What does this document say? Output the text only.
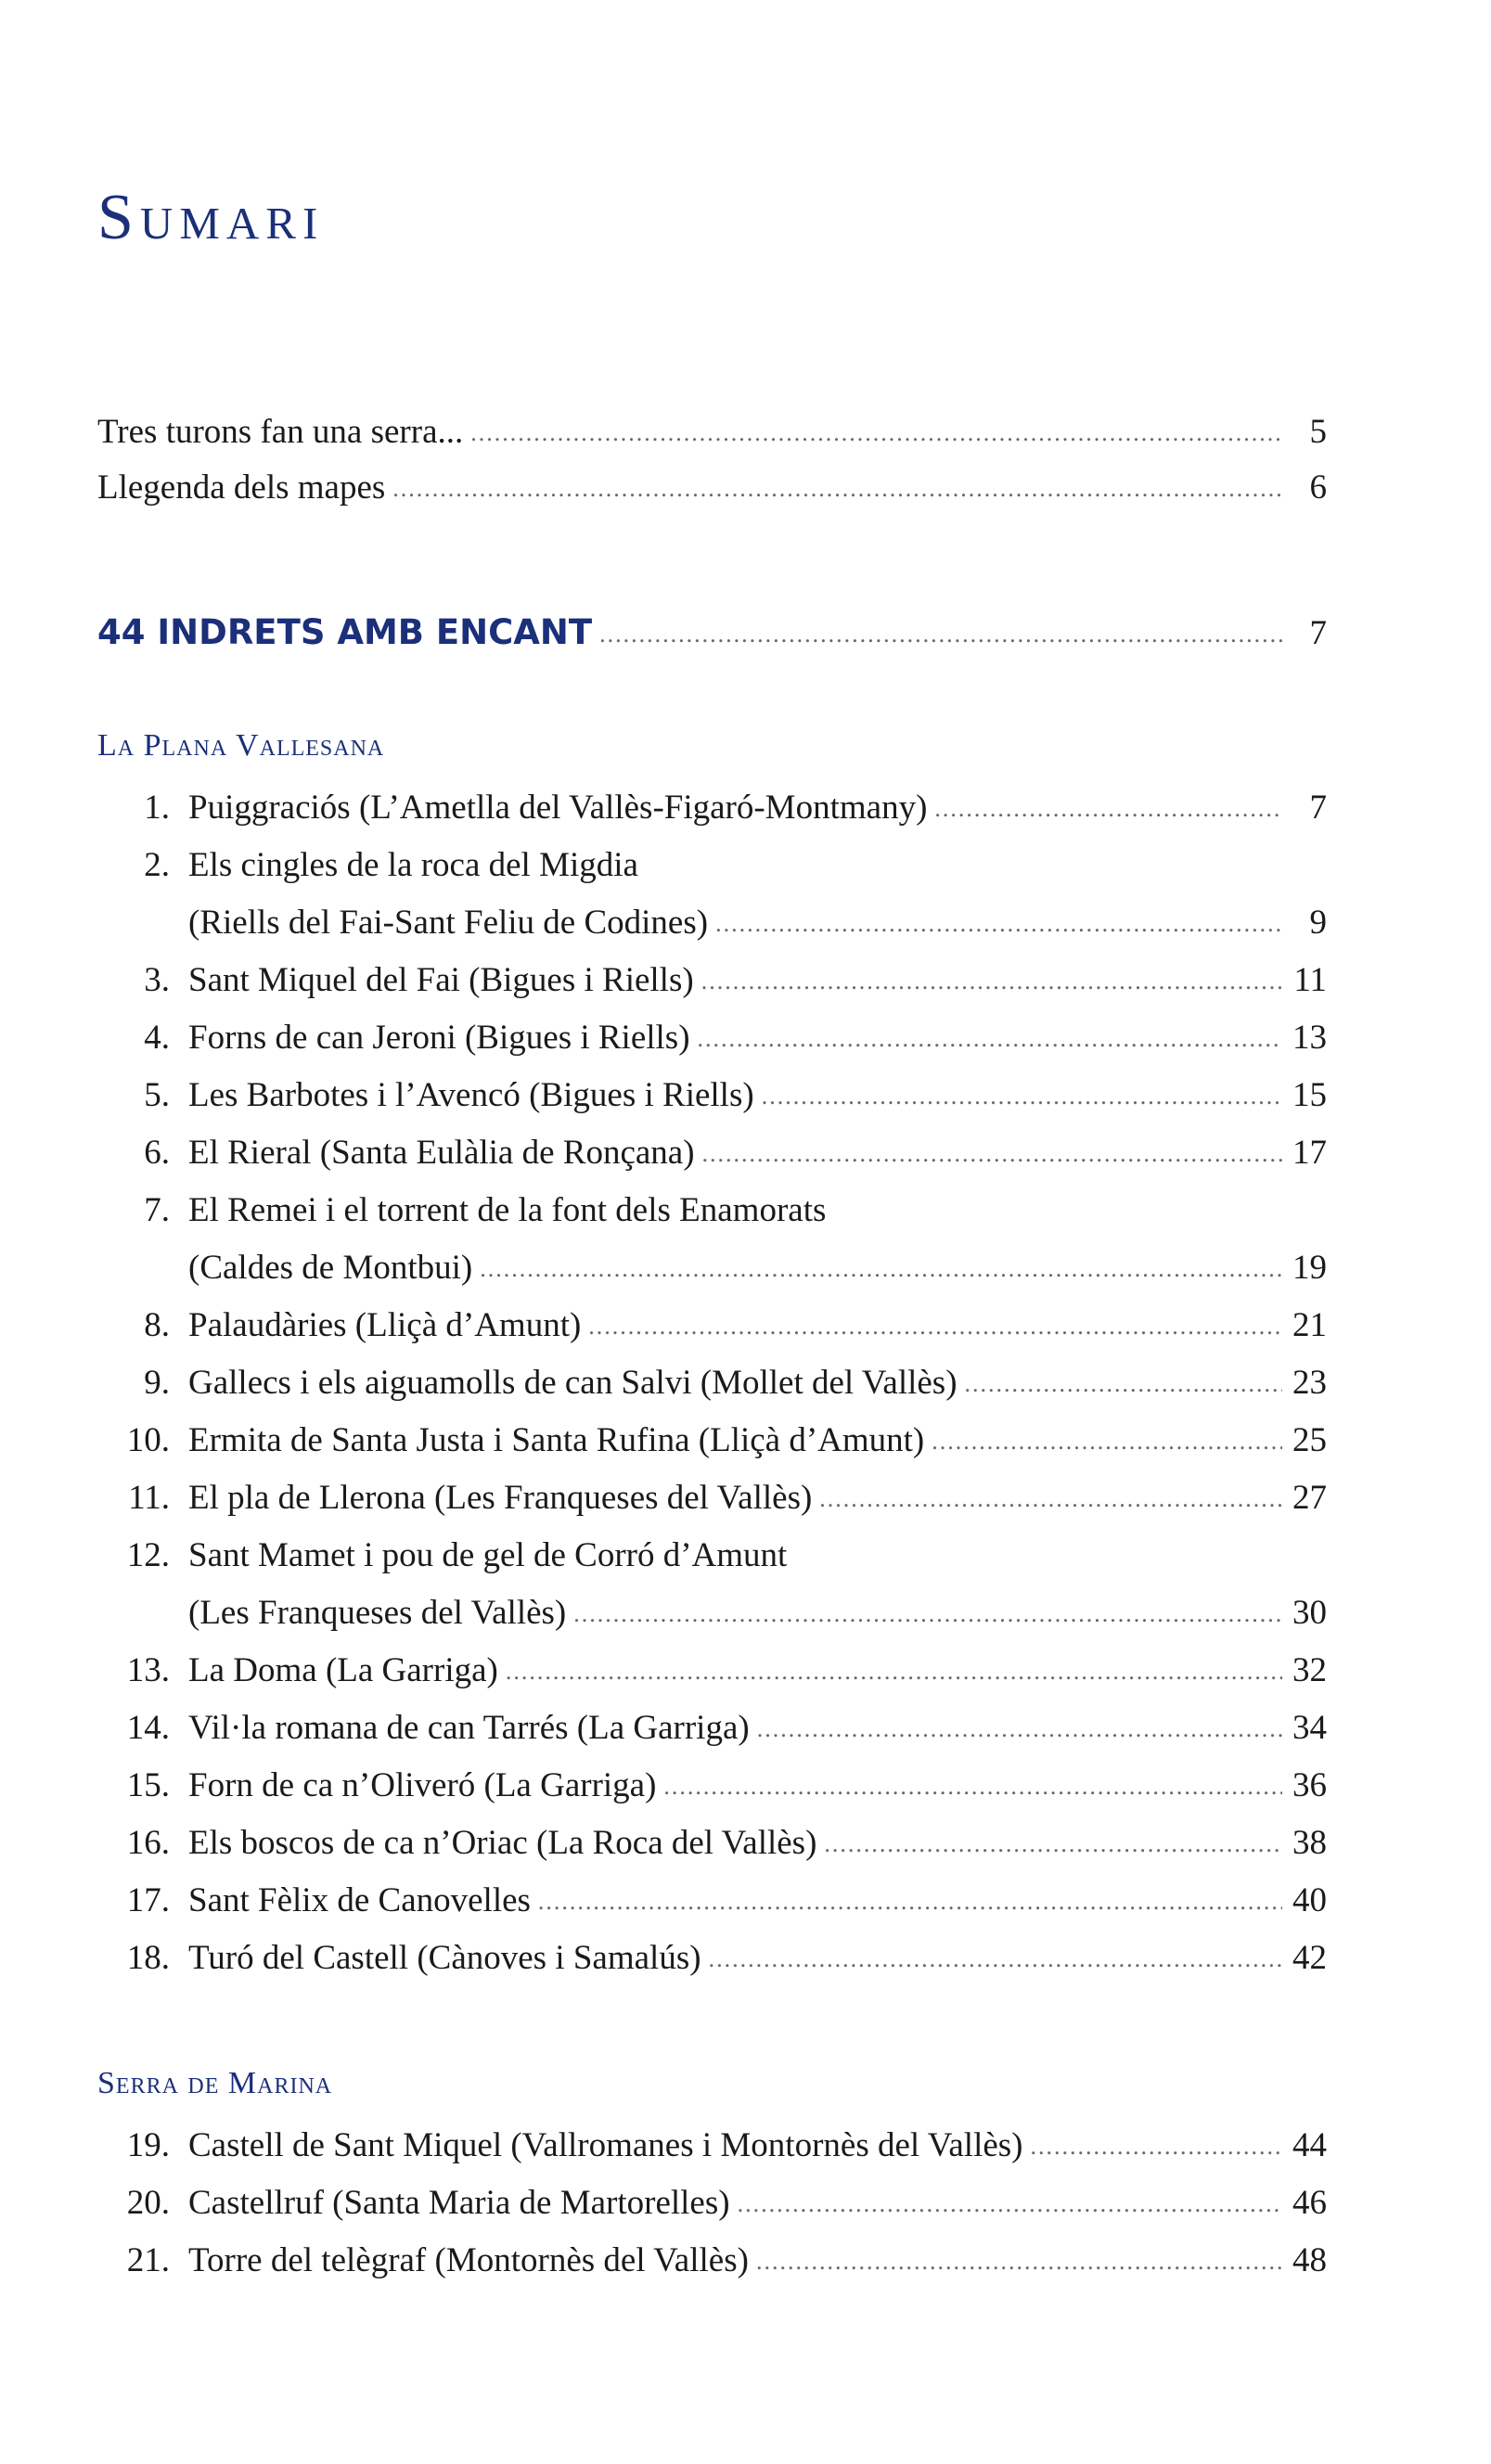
Sumari
Tres turons fan una serra... .....	5
Llegenda dels mapes .....	6
44 INDRETS AMB ENCANT .....	7
La Plana Vallesana
1. Puiggraciós (L’Ametlla del Vallès-Figaró-Montmany) .....	7
2. Els cingles de la roca del Migdia
(Riells del Fai-Sant Feliu de Codines) .....	9
3. Sant Miquel del Fai (Bigues i Riells) .....	11
4. Forns de can Jeroni (Bigues i Riells) .....	13
5. Les Barbotes i l’Avencó (Bigues i Riells) .....	15
6. El Rieral (Santa Eulàlia de Ronçana) .....	17
7. El Remei i el torrent de la font dels Enamorats
(Caldes de Montbui) .....	19
8. Palaudàries (Lliçà d’Amunt) .....	21
9. Gallecs i els aiguamolls de can Salvi (Mollet del Vallès) .....	23
10. Ermita de Santa Justa i Santa Rufina (Lliçà d’Amunt) .....	25
11. El pla de Llerona (Les Franqueses del Vallès) .....	27
12. Sant Mamet i pou de gel de Corró d’Amunt
(Les Franqueses del Vallès) .....	30
13. La Doma (La Garriga) .....	32
14. Vil·la romana de can Tarrés (La Garriga) .....	34
15. Forn de ca n’Oliveró (La Garriga) .....	36
16. Els boscos de ca n’Oriac (La Roca del Vallès) .....	38
17. Sant Fèlix de Canovelles .....	40
18. Turó del Castell (Cànoves i Samalús) .....	42
Serra de Marina
19. Castell de Sant Miquel (Vallromanes i Montornès del Vallès) .....	44
20. Castellruf (Santa Maria de Martorelles) .....	46
21. Torre del telègraf (Montornès del Vallès) .....	48
